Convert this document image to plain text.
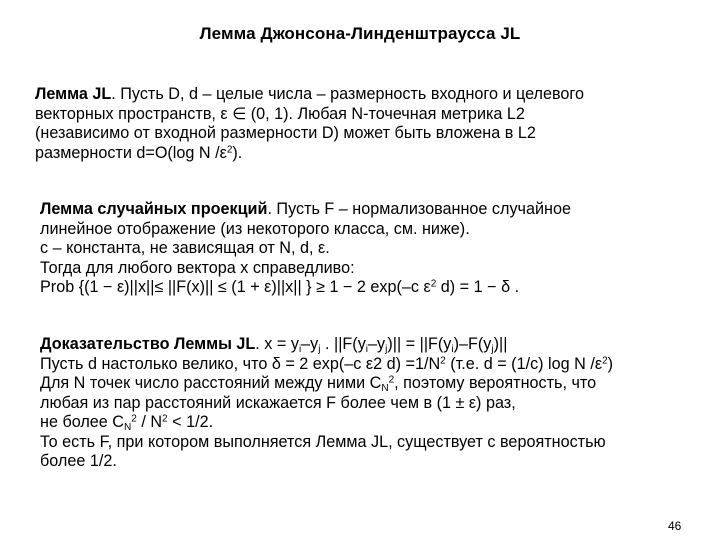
Лемма Джонсона-Линденштраусса JL
Лемма JL. Пусть D, d – целые числа – размерность входного и целевого
векторных пространств, ε ∈ (0, 1). Любая N-точечная метрика L2
(независимо от входной размерности D) может быть вложена в L2
размерности d=O(log N $/\varepsilon^2$).
Лемма случайных проекций. Пусть F – нормализованное случайное
линейное отображение (из некоторого класса, см. ниже).
с – константа, не зависящая от N, d, ε.
Тогда для любого вектора x справедливо:
Prob {(1 − ε)||x||≤ ||F(x)|| ≤ (1 + ε)||x|| } ≥ 1 − 2 exp(–c $\varepsilon^2$ d) = 1 − δ .
Доказательство Леммы JL. $x = y_i-y_j$ . $||F(y_i-y_j)|| = ||F(y_i)-F(y_j)||$
Пусть d настолько велико, что δ = 2 exp(–c ε2 $d) =1/N^2$ (т.е. d = (1/c) log N $/\varepsilon^2$)
Для N точек число расстояний между ними $C_N^2$, поэтому вероятность, что
любая из пар расстояний искажается F более чем в (1 ± ε) раз,
не более $C_N^2 / N^2 < 1/2$.
То есть F, при котором выполняется Лемма JL, существует с вероятностью
более 1/2.
46
